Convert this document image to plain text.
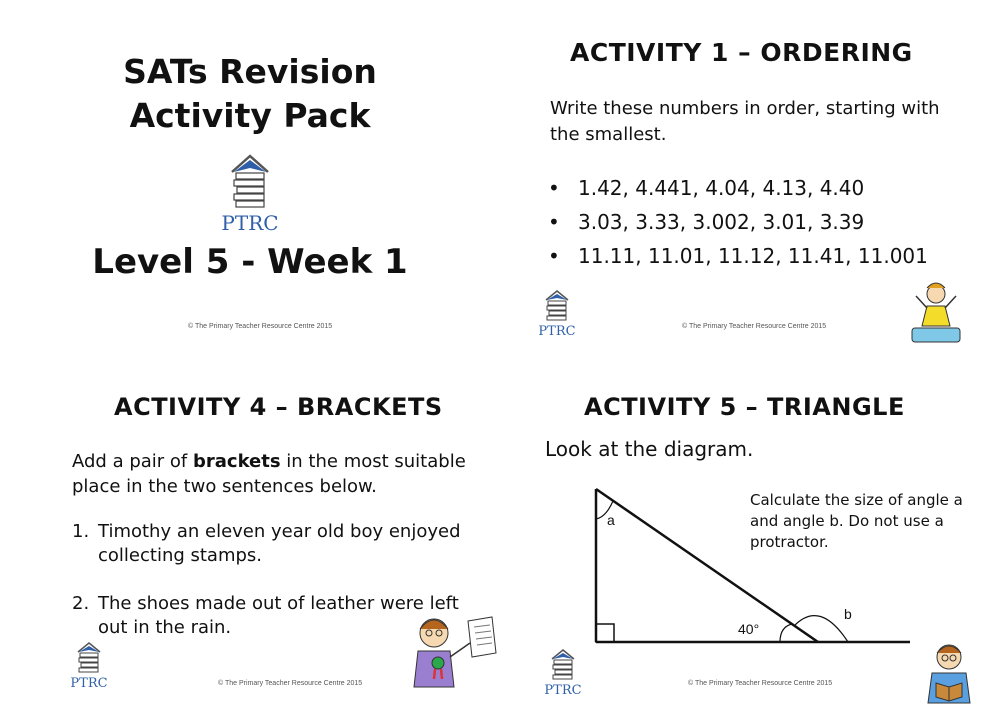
SATs Revision
Activity Pack
PTRC
Level 5 - Week 1
© The Primary Teacher Resource Centre 2015
ACTIVITY 1 – ORDERING
Write these numbers in order, starting with the smallest.
• 1.42, 4.441, 4.04, 4.13, 4.40
• 3.03, 3.33, 3.002, 3.01, 3.39
• 11.11, 11.01, 11.12, 11.41, 11.001
PTRC	© The Primary Teacher Resource Centre 2015
ACTIVITY 4 – BRACKETS
Add a pair of brackets in the most suitable place in the two sentences below.
1. Timothy an eleven year old boy enjoyed collecting stamps.
2. The shoes made out of leather were left out in the rain.
PTRC	© The Primary Teacher Resource Centre 2015
ACTIVITY 5 – TRIANGLE
Look at the diagram.
a
40°
b
Calculate the size of angle a and angle b. Do not use a protractor.
PTRC	© The Primary Teacher Resource Centre 2015
